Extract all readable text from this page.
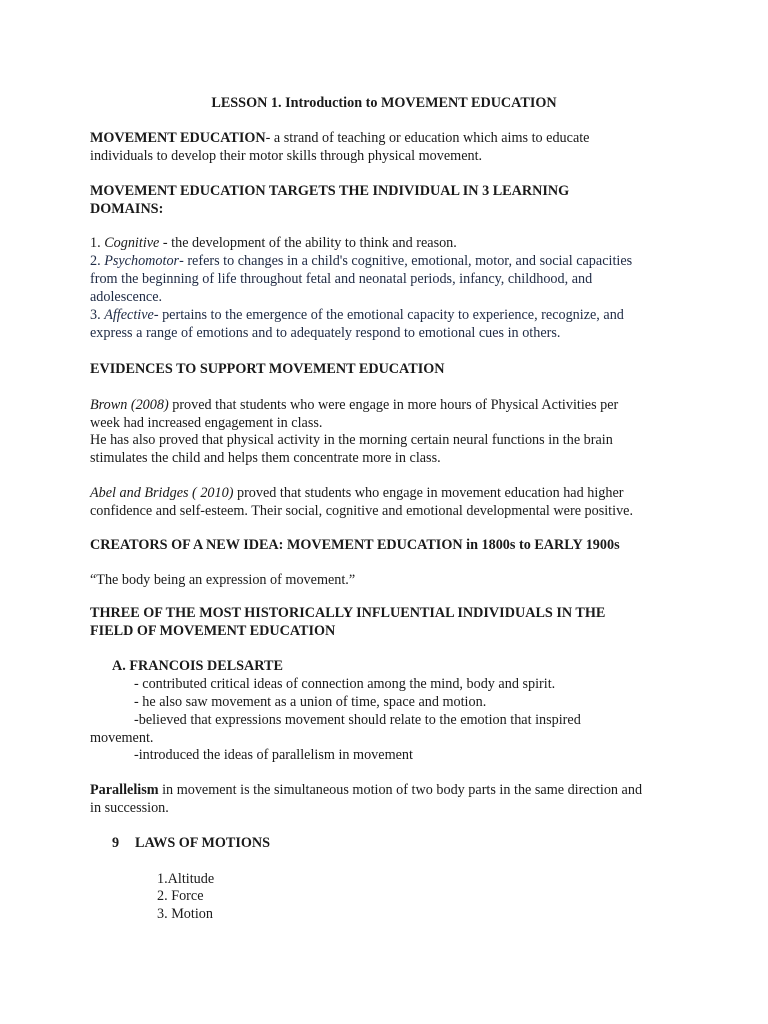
LESSON 1. Introduction to MOVEMENT EDUCATION
MOVEMENT EDUCATION- a strand of teaching or education which aims to educate
individuals to develop their motor skills through physical movement.
MOVEMENT EDUCATION TARGETS THE INDIVIDUAL IN 3 LEARNING
DOMAINS:
1. Cognitive - the development of the ability to think and reason.
2. Psychomotor- refers to changes in a child's cognitive, emotional, motor, and social capacities
from the beginning of life throughout fetal and neonatal periods, infancy, childhood, and
adolescence.
3. Affective- pertains to the emergence of the emotional capacity to experience, recognize, and
express a range of emotions and to adequately respond to emotional cues in others.
EVIDENCES TO SUPPORT MOVEMENT EDUCATION
Brown (2008) proved that students who were engage in more hours of Physical Activities per
week had increased engagement in class.
He has also proved that physical activity in the morning certain neural functions in the brain
stimulates the child and helps them concentrate more in class.
Abel and Bridges ( 2010) proved that students who engage in movement education had higher
confidence and self-esteem. Their social, cognitive and emotional developmental were positive.
CREATORS OF A NEW IDEA: MOVEMENT EDUCATION in 1800s to EARLY 1900s
“The body being an expression of movement.”
THREE OF THE MOST HISTORICALLY INFLUENTIAL INDIVIDUALS IN THE
FIELD OF MOVEMENT EDUCATION
A. FRANCOIS DELSARTE
- contributed critical ideas of connection among the mind, body and spirit.
- he also saw movement as a union of time, space and motion.
-believed that expressions movement should relate to the emotion that inspired
movement.
-introduced the ideas of parallelism in movement
Parallelism in movement is the simultaneous motion of two body parts in the same direction and
in succession.
9 LAWS OF MOTIONS
1.Altitude
2. Force
3. Motion
